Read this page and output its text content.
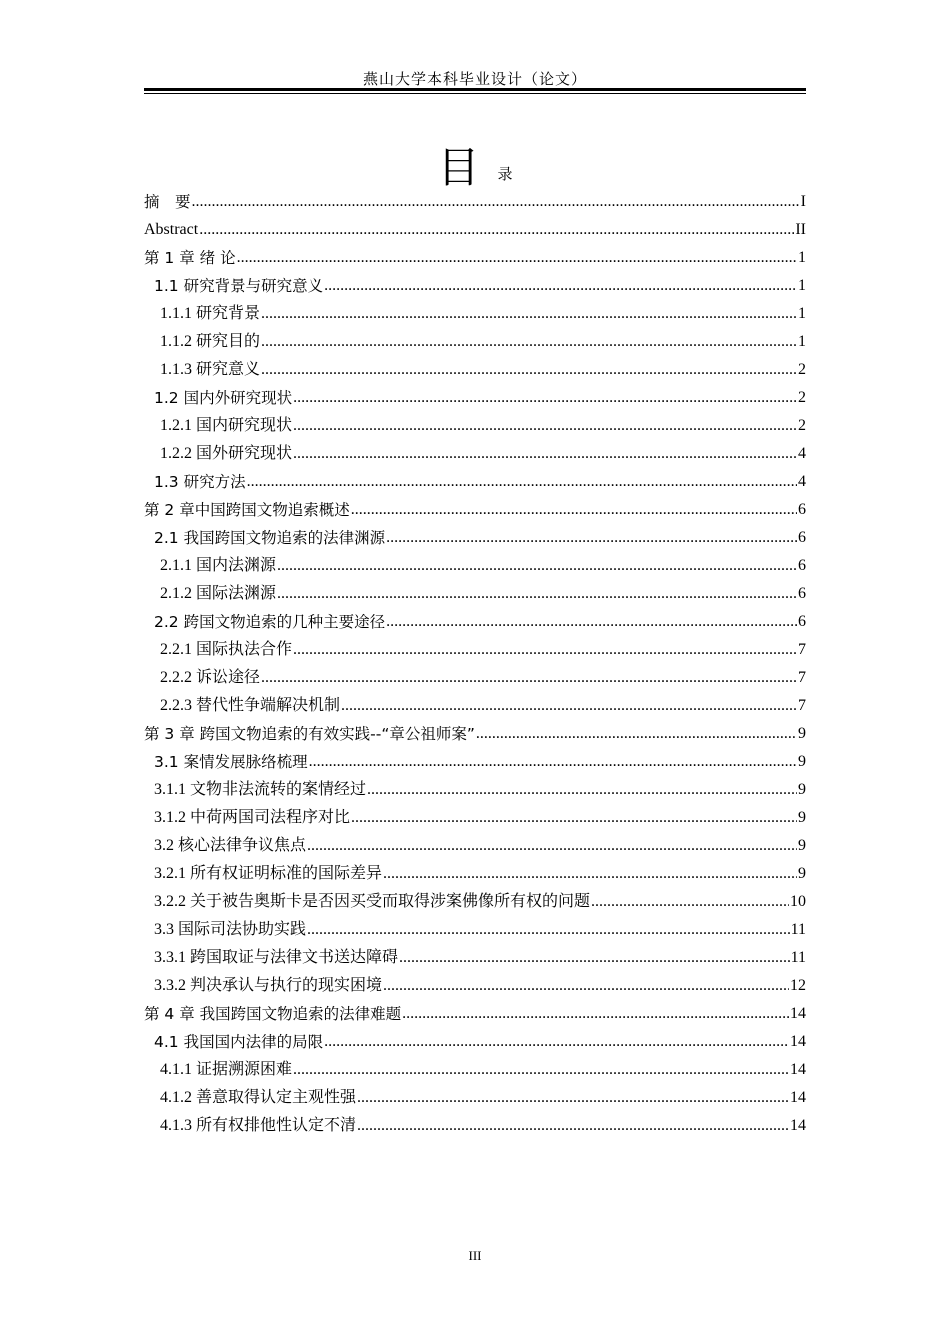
燕山大学本科毕业设计（论文）
目 录
摘　要 .....	I
Abstract .....	II
第 1 章 绪 论 .....	1
1.1 研究背景与研究意义 .....	1
1.1.1 研究背景 .....	1
1.1.2 研究目的 .....	1
1.1.3 研究意义 .....	2
1.2 国内外研究现状 .....	2
1.2.1 国内研究现状 .....	2
1.2.2 国外研究现状 .....	4
1.3 研究方法 .....	4
第 2 章中国跨国文物追索概述 .....	6
2.1 我国跨国文物追索的法律渊源 .....	6
2.1.1 国内法渊源 .....	6
2.1.2 国际法渊源 .....	6
2.2 跨国文物追索的几种主要途径 .....	6
2.2.1 国际执法合作 .....	7
2.2.2 诉讼途径 .....	7
2.2.3 替代性争端解决机制 .....	7
第 3 章 跨国文物追索的有效实践--“章公祖师案” .....	9
3.1 案情发展脉络梳理 .....	9
3.1.1 文物非法流转的案情经过 .....	9
3.1.2 中荷两国司法程序对比 .....	9
3.2 核心法律争议焦点 .....	9
3.2.1 所有权证明标准的国际差异 .....	9
3.2.2 关于被告奥斯卡是否因买受而取得涉案佛像所有权的问题 .....	10
3.3 国际司法协助实践 .....	11
3.3.1 跨国取证与法律文书送达障碍 .....	11
3.3.2 判决承认与执行的现实困境 .....	12
第 4 章 我国跨国文物追索的法律难题 .....	14
4.1 我国国内法律的局限 .....	14
4.1.1 证据溯源困难 .....	14
4.1.2 善意取得认定主观性强 .....	14
4.1.3 所有权排他性认定不清 .....	14
III
